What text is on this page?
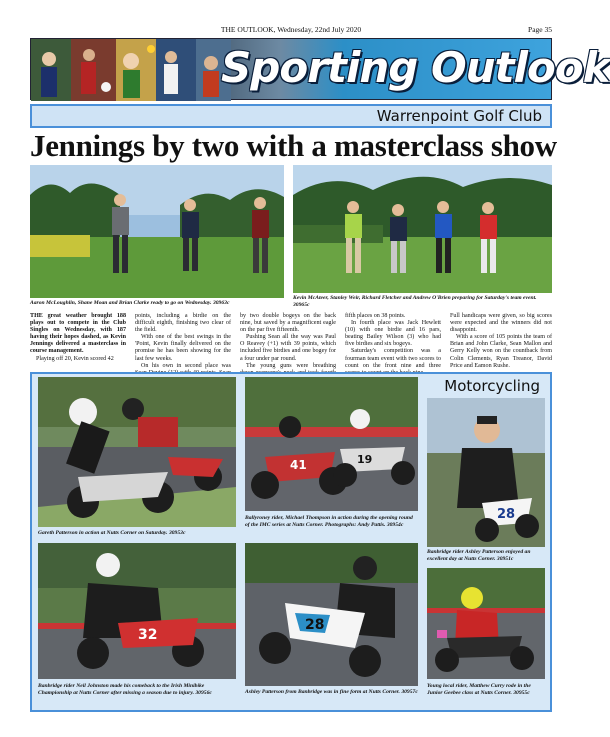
THE OUTLOOK, Wednesday, 22nd July 2020	Page 35
Sporting Outlook
Warrenpoint Golf Club
Jennings by two with a masterclass show
Aaron McLoughlin, Shane Moan and Brian Clarke ready to go on Wednesday. 30963c
Kevin McAteer, Stanley Weir, Richard Fletcher and Andrew O'Brien preparing for Saturday's team event. 30965c

THE great weather brought 188 plays out to compete in the Club Singles on Wednesday, with 187 having their hopes dashed, as Kevin Jennings delivered a masterclass in course management.

Playing off 20, Kevin scored 42

points, including a birdie on the difficult eighth, finishing two clear of the field.

With one of the best swings in the 'Point, Kevin finally delivered on the promise he has been showing for the last few weeks.

On his own in second place was

by two double bogeys on the back nine, but saved by a magnificent eagle on the par five fifteenth.

Pushing Sean all the way was Paul O Reavey (+1) with 39 points, which included five birdies and one bogey for a four under par round.

The young guns were breathing

fifth places on 38 points.

In fourth place was Jack Hewlett (10) with one birdie and 16 pars, beating Bailey Wilson (3) who had five birdies and six bogeys.

Saturday's competition was a fourman team event with two scores to count on the front nine and three

Full handicaps were given, so big scores were expected and the winners did not disappoint.

With a score of 105 points the team of Brian and John Clarke, Sean Mallon and Gerry Kelly won on the countback from Colin Clements, Ryan Treanor, David Price and Eamon Rushe.

Motorcycling
Gareth Patterson in action at Nutts Corner on Saturday. 30953c
41	19
Ballyroney rider, Michael Thompson in action during the opening round of the IMC series at Nutts Corner. Photographs: Andy Pattis. 30954c
28
Banbridge rider Ashley Patterson enjoyed an excellent day at Nutts Corner. 30951c
32
Banbridge rider Neil Johnston made his comeback to the Irish Minibike Championship at Nutts Corner after missing a season due to injury. 30956c
28
Ashley Patterson from Banbridge was in fine form at Nutts Corner. 30957c
Young local rider, Matthew Curry rode in the Junior Geebee class at Nutts Corner. 30955c
